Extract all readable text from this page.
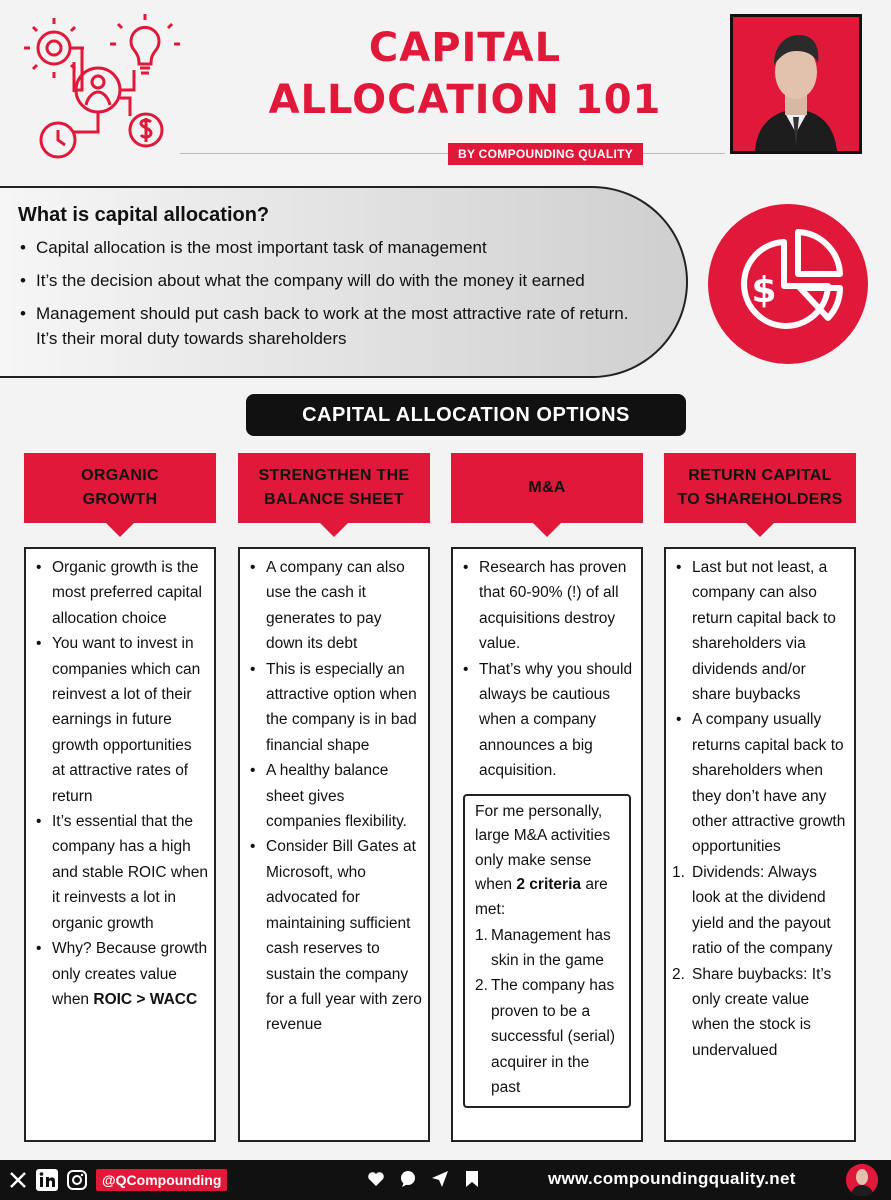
CAPITAL
ALLOCATION 101
BY COMPOUNDING QUALITY
What is capital allocation?
• Capital allocation is the most important task of management
• It’s the decision about what the company will do with the money it earned
• Management should put cash back to work at the most attractive rate of return. It’s their moral duty towards shareholders
$
CAPITAL ALLOCATION OPTIONS
ORGANIC
GROWTH
• Organic growth is the most preferred capital allocation choice
• You want to invest in companies which can reinvest a lot of their earnings in future growth opportunities at attractive rates of return
• It’s essential that the company has a high and stable ROIC when it reinvests a lot in organic growth
• Why? Because growth only creates value when ROIC > WACC
STRENGTHEN THE
BALANCE SHEET
• A company can also use the cash it generates to pay down its debt
• This is especially an attractive option when the company is in bad financial shape
• A healthy balance sheet gives companies flexibility.
• Consider Bill Gates at Microsoft, who advocated for maintaining sufficient cash reserves to sustain the company for a full year with zero revenue
M&A
• Research has proven that 60-90% (!) of all acquisitions destroy value.
• That’s why you should always be cautious when a company announces a big acquisition.
For me personally, large M&A activities only make sense when 2 criteria are met:
1. Management has skin in the game
2. The company has proven to be a successful (serial) acquirer in the past
RETURN CAPITAL
TO SHAREHOLDERS
• Last but not least, a company can also return capital back to shareholders via dividends and/or share buybacks
• A company usually returns capital back to shareholders when they don’t have any other attractive growth opportunities
1. Dividends: Always look at the dividend yield and the payout ratio of the company
2. Share buybacks: It’s only create value when the stock is undervalued
@QCompounding	www.compoundingquality.net
